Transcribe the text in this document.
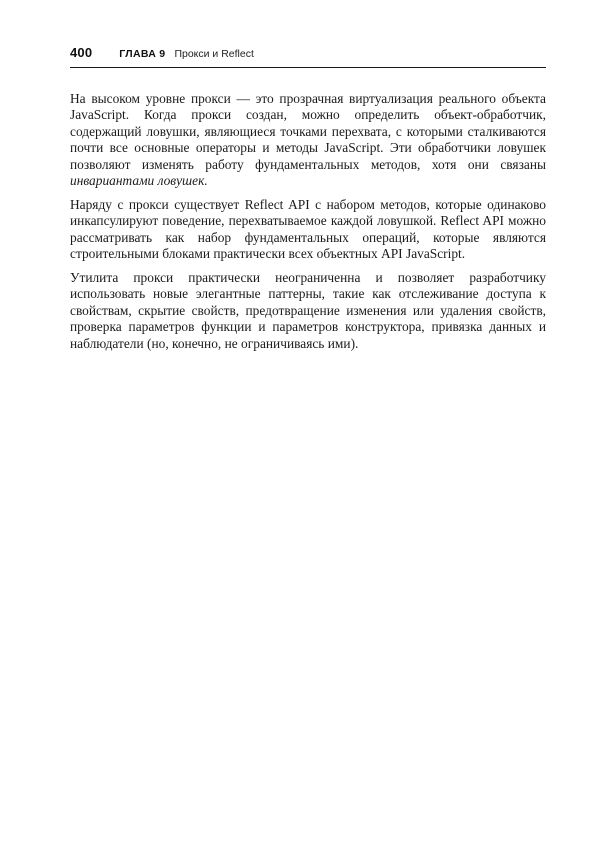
400	ГЛАВА 9 Прокси и Reflect

На высоком уровне прокси — это прозрачная виртуализация реального объекта JavaScript. Когда прокси создан, можно определить объект-обработчик, содержащий ловушки, являющиеся точками перехвата, с которыми сталкиваются почти все основные операторы и методы JavaScript. Эти обработчики ловушек позволяют изменять работу фундаментальных методов, хотя они связаны инвариантами ловушек.

Наряду с прокси существует Reflect API с набором методов, которые одинаково инкапсулируют поведение, перехватываемое каждой ловушкой. Reflect API можно рассматривать как набор фундаментальных операций, которые являются строительными блоками практически всех объектных API JavaScript.

Утилита прокси практически неограниченна и позволяет разработчику использовать новые элегантные паттерны, такие как отслеживание доступа к свойствам, скрытие свойств, предотвращение изменения или удаления свойств, проверка параметров функции и параметров конструктора, привязка данных и наблюдатели (но, конечно, не ограничиваясь ими).
